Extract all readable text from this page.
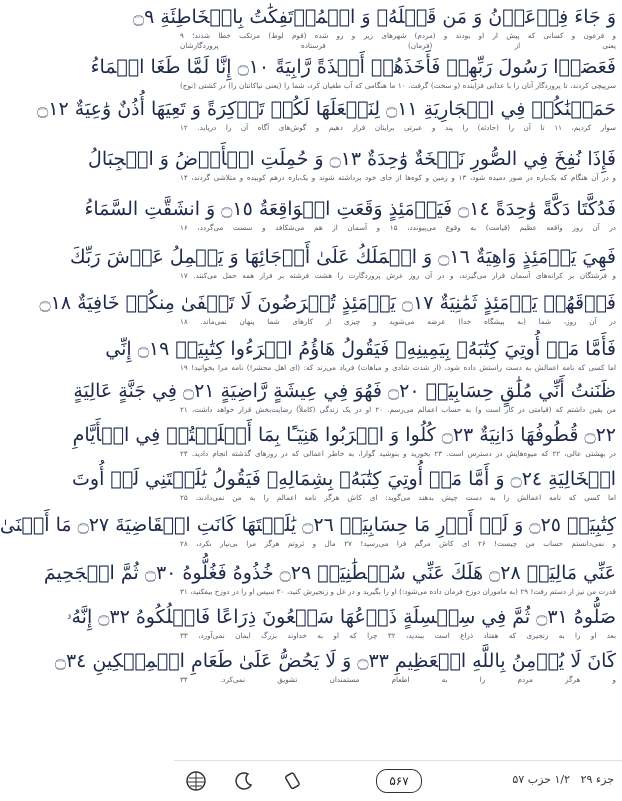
وَ جَاءَ فِرۡعَوۡنُ وَ مَن قَبۡلَهُۥ وَ الۡمُؤۡتَفِكَٰتُ بِالۡخَاطِئَةِ ۝٩
و فرعون و کسانی که پیش از او بودند و (مردم) شهرهای زیر و رو شده (قوم لوط) مرتکب خطا شدند؛ ۹
یعنی از (فرمان) فرستاده پروردگارشان
فَعَصَوۡا رَسُولَ رَبِّهِمۡ فَأَخَذَهُمۡ أَخۡذَةً رَّابِيَةً ۝١٠ إِنَّا لَمَّا طَغَا الۡمَاءُ
سرپیچی کردند، تا پروردگار آنان را با عذابی فزاینده (و سخت) گرفت. ۱۰ ما هنگامی که آب طغیان کرد، شما را (یعنی نیاکانتان را) در کشتی (نوح)
حَمَلۡنَٰكُمۡ فِي الۡجَارِيَةِ ۝١١ لِنَجۡعَلَهَا لَكُمۡ تَذۡكِرَةً وَ تَعِيَهَا أُذُنٌ وَٰعِيَةٌ ۝١٢
سوار کردیم، ۱۱ تا آن را (حادثه) را پند و عبرتی برایتان قرار دهیم و گوش‌های آگاه آن را دریابد. ۱۲
فَإِذَا نُفِخَ فِي الصُّورِ نَفۡخَةٌ وَٰحِدَةٌ ۝١٣ وَ حُمِلَتِ الۡأَرۡضُ وَ الۡجِبَالُ
و در آن هنگام که یک‌باره در صور دمیده شود، ۱۳ و زمین و کوه‌ها از جای خود برداشته شوند و یک‌باره درهم کوبیده و متلاشی گردند، ۱۴
فَدُكَّتَا دَكَّةً وَٰحِدَةً ۝١٤ فَيَوۡمَئِذٍ وَقَعَتِ الۡوَاقِعَةُ ۝١٥ وَ انشَقَّتِ السَّمَاءُ
در آن روز واقعه عظیم (قیامت) به وقوع می‌پیوندد، ۱۵ و آسمان از هم می‌شکافد و سست می‌گردد، ۱۶
فَهِيَ يَوۡمَئِذٍ وَاهِيَةٌ ۝١٦ وَ الۡمَلَكُ عَلَىٰ أَرۡجَائِهَا وَ يَحۡمِلُ عَرۡشَ رَبِّكَ
و فرشتگان بر کرانه‌های آسمان قرار می‌گیرند، و در آن روز عرش پروردگارت را هشت فرشته بر فراز همه حمل می‌کنند. ۱۷
فَوۡقَهُمۡ يَوۡمَئِذٍ ثَمَٰنِيَةٌ ۝١٧ يَوۡمَئِذٍ تُعۡرَضُونَ لَا تَخۡفَىٰ مِنكُمۡ خَافِيَةٌ ۝١٨
در آن روز، شما (به پیشگاه خدا) عرضه می‌شوید و چیزی از کارهای شما پنهان نمی‌ماند. ۱۸
فَأَمَّا مَنۡ أُوتِيَ كِتَٰبَهُۥ بِيَمِينِهِۦ فَيَقُولُ هَاؤُمُ اقۡرَءُوا كِتَٰبِيَهۡ ۝١٩ إِنِّي
اما کسی که نامه اعمالش به دست راستش داده شود، (از شدت شادی و مباهات) فریاد می‌زند که: (ای اهل محشر!) نامه مرا بخوانید! ۱۹
ظَنَنتُ أَنِّي مُلَٰقٍ حِسَابِيَهۡ ۝٢٠ فَهُوَ فِي عِيشَةٍ رَّاضِيَةٍ ۝٢١ فِي جَنَّةٍ عَالِيَةٍ
من یقین داشتم که (قیامتی در کار است و) به حساب اعمالم می‌رسم. ۲۰ او در یک زندگی (کاملاً) رضایت‌بخش قرار خواهد داشت، ۲۱
۝٢٢ قُطُوفُهَا دَانِيَةٌ ۝٢٣ كُلُوا وَ اشۡرَبُوا هَنِيٓـًٔا بِمَا أَسۡلَفۡتُمۡ فِي الۡأَيَّامِ
در بهشتی عالی، ۲۲ که میوه‌هایش در دسترس است. ۲۳ بخورید و بنوشید گوارا، به خاطر اعمالی که در روزهای گذشته انجام دادید. ۲۴
الۡخَالِيَةِ ۝٢٤ وَ أَمَّا مَنۡ أُوتِيَ كِتَٰبَهُۥ بِشِمَالِهِۦ فَيَقُولُ يَٰلَيۡتَنِي لَمۡ أُوتَ
اما کسی که نامه اعمالش را به دست چپش بدهند می‌گوید: ای کاش هرگز نامه اعمالم را به من نمی‌دادند، ۲۵
كِتَٰبِيَهۡ ۝٢٥ وَ لَمۡ أَدۡرِ مَا حِسَابِيَهۡ ۝٢٦ يَٰلَيۡتَهَا كَانَتِ الۡقَاضِيَةَ ۝٢٧ مَا أَغۡنَىٰ
و نمی‌دانستم حساب من چیست! ۲۶ ای کاش مرگم فرا می‌رسید! ۲۷ مال و ثروتم هرگز مرا بی‌نیاز نکرد، ۲۸
عَنِّي مَالِيَهۡ ۝٢٨ هَلَكَ عَنِّي سُلۡطَٰنِيَهۡ ۝٢٩ خُذُوهُ فَغُلُّوهُ ۝٣٠ ثُمَّ الۡجَحِيمَ
قدرت من نیز از دستم رفت! ۲۹ (به ماموران دوزخ فرمان داده می‌شود:) او را بگیرید و در غل و زنجیرش کنید، ۳۰ سپس او را در دوزخ بیفکنید، ۳۱
صَلُّوهُ ۝٣١ ثُمَّ فِي سِلۡسِلَةٍ ذَرۡعُهَا سَبۡعُونَ ذِرَاعًا فَاسۡلُكُوهُ ۝٣٢ إِنَّهُۥ
بعد او را به زنجیری که هفتاد ذراع است ببندید، ۳۲ چرا که او به خداوند بزرگ ایمان نمی‌آورد، ۳۳
كَانَ لَا يُؤۡمِنُ بِاللَّهِ الۡعَظِيمِ ۝٣٣ وَ لَا يَحُضُّ عَلَىٰ طَعَامِ الۡمِسۡكِينِ ۝٣٤
و هرگز مردم را به اطعام مستمندان تشویق نمی‌کرد. ۳۴
۵۶۷	۱/۲ حزب ۵۷ جزء ۲۹
